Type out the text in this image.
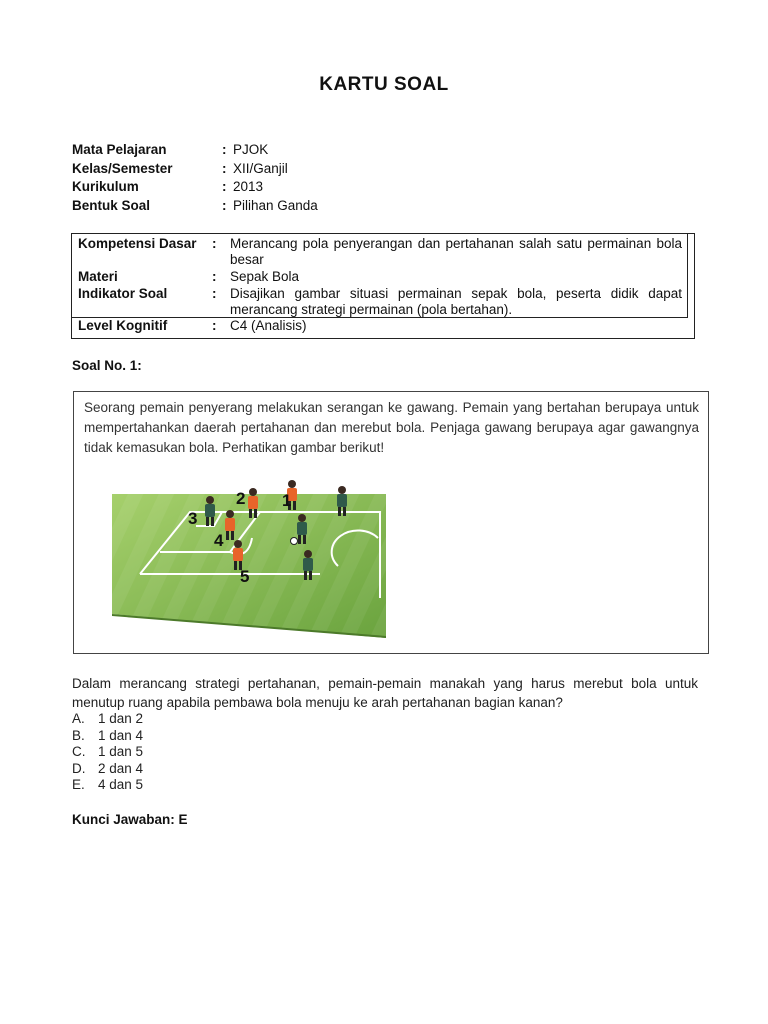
KARTU SOAL
Mata Pelajaran	: PJOK
Kelas/Semester	: XII/Ganjil
Kurikulum	: 2013
Bentuk Soal	: Pilihan Ganda
Kompetensi Dasar	:	Merancang pola penyerangan dan pertahanan salah satu permainan bola besar
Materi	:	Sepak Bola
Indikator Soal	:	Disajikan gambar situasi permainan sepak bola, peserta didik dapat merancang strategi permainan (pola bertahan).
Level Kognitif	:	C4 (Analisis)
Soal No. 1:
Seorang pemain penyerang melakukan serangan ke gawang. Pemain yang bertahan berupaya untuk mempertahankan daerah pertahanan dan merebut bola. Penjaga gawang berupaya agar gawangnya tidak kemasukan bola. Perhatikan gambar berikut!
1
2
3
4
5
Dalam merancang strategi pertahanan, pemain-pemain manakah yang harus merebut bola untuk menutup ruang apabila pembawa bola menuju ke arah pertahanan bagian kanan?
A. 1 dan 2
B. 1 dan 4
C. 1 dan 5
D. 2 dan 4
E. 4 dan 5
Kunci Jawaban: E
